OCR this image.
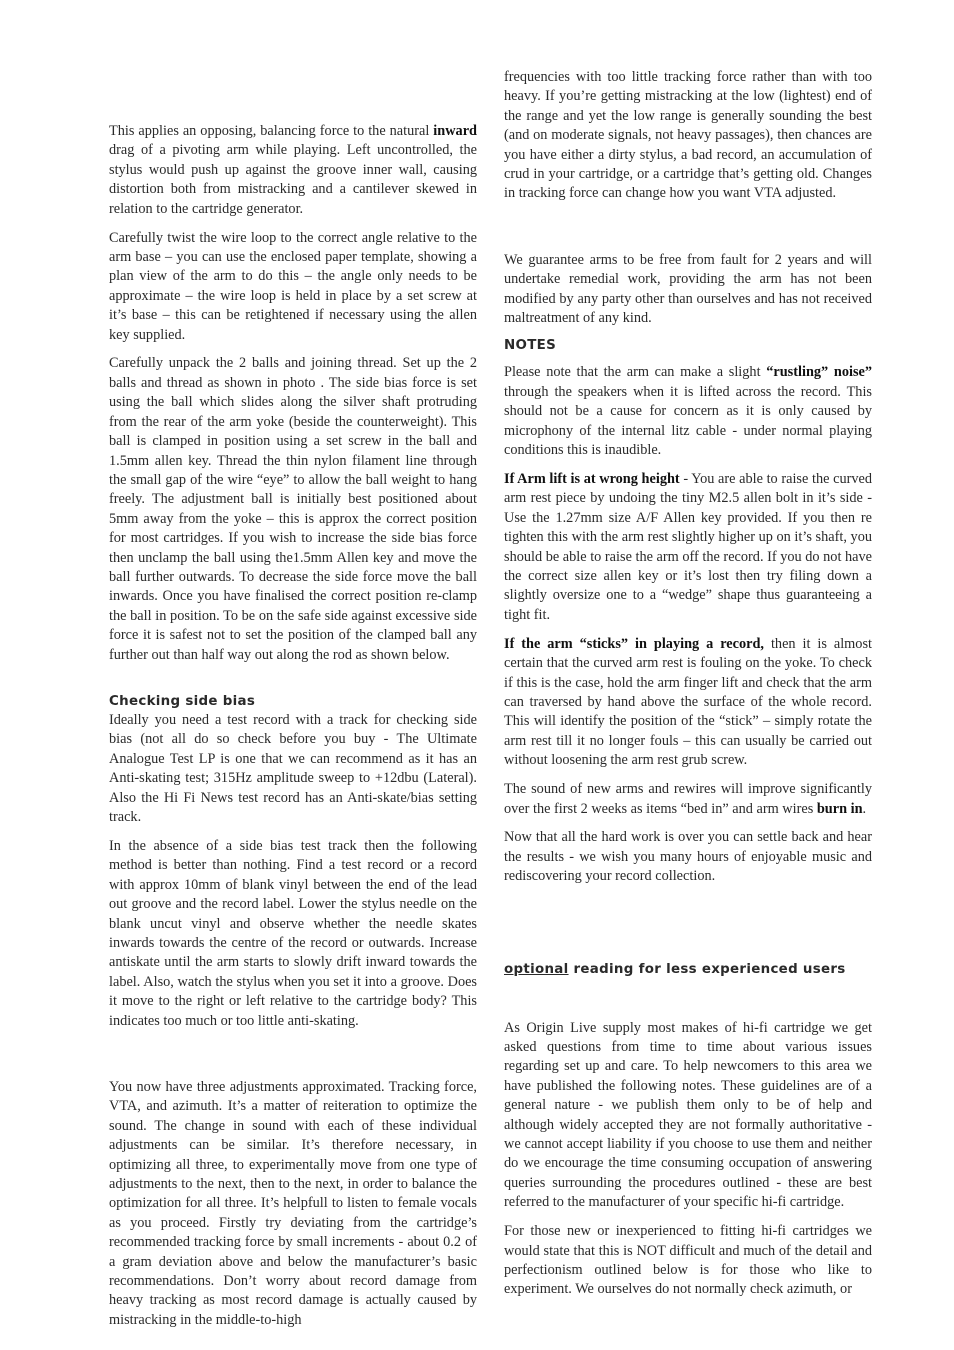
This applies an opposing, balancing force to the natural inward drag of a pivoting arm while playing. Left uncontrolled, the stylus would push up against the groove inner wall, causing distortion both from mistracking and a cantilever skewed in relation to the cartridge generator.

Carefully twist the wire loop to the correct angle relative to the arm base – you can use the enclosed paper template, showing a plan view of the arm to do this – the angle only needs to be approximate – the wire loop is held in place by a set screw at it’s base – this can be retightened if necessary using the allen key supplied.

Carefully unpack the 2 balls and joining thread. Set up the 2 balls and thread as shown in photo . The side bias force is set using the ball which slides along the silver shaft protruding from the rear of the arm yoke (beside the counterweight). This ball is clamped in position using a set screw in the ball and 1.5mm allen key. Thread the thin nylon filament line through the small gap of the wire “eye” to allow the ball weight to hang freely. The adjustment ball is initially best positioned about 5mm away from the yoke – this is approx the correct position for most cartridges. If you wish to increase the side bias force then unclamp the ball using the1.5mm Allen key and move the ball further outwards. To decrease the side force move the ball inwards. Once you have finalised the correct position re-clamp the ball in position. To be on the safe side against excessive side force it is safest not to set the position of the clamped ball any further out than half way out along the rod as shown below.

Checking side bias

Ideally you need a test record with a track for checking side bias (not all do so check before you buy - The Ultimate Analogue Test LP is one that we can recommend as it has an Anti-skating test; 315Hz amplitude sweep to +12dbu (Lateral). Also the Hi Fi News test record has an Anti-skate/bias setting track.

In the absence of a side bias test track then the following method is better than nothing. Find a test record or a record with approx 10mm of blank vinyl between the end of the lead out groove and the record label. Lower the stylus needle on the blank uncut vinyl and observe whether the needle skates inwards towards the centre of the record or outwards. Increase antiskate until the arm starts to slowly drift inward towards the label. Also, watch the stylus when you set it into a groove. Does it move to the right or left relative to the cartridge body? This indicates too much or too little anti-skating.

You now have three adjustments approximated. Tracking force, VTA, and azimuth. It’s a matter of reiteration to optimize the sound. The change in sound with each of these individual adjustments can be similar. It’s therefore necessary, in optimizing all three, to experimentally move from one type of adjustments to the next, then to the next, in order to balance the optimization for all three. It’s helpfull to listen to female vocals as you proceed. Firstly try deviating from the cartridge’s recommended tracking force by small increments - about 0.2 of a gram deviation above and below the manufacturer’s basic recommendations. Don’t worry about record damage from heavy tracking as most record damage is actually caused by mistracking in the middle-to-high

frequencies with too little tracking force rather than with too heavy. If you’re getting mistracking at the low (lightest) end of the range and yet the low range is generally sounding the best (and on moderate signals, not heavy passages), then chances are you have either a dirty stylus, a bad record, an accumulation of crud in your cartridge, or a cartridge that’s getting old. Changes in tracking force can change how you want VTA adjusted.

We guarantee arms to be free from fault for 2 years and will undertake remedial work, providing the arm has not been modified by any party other than ourselves and has not received maltreatment of any kind.

NOTES

Please note that the arm can make a slight “rustling” noise” through the speakers when it is lifted across the record. This should not be a cause for concern as it is only caused by microphony of the internal litz cable - under normal playing conditions this is inaudible.

If Arm lift is at wrong height - You are able to raise the curved arm rest piece by undoing the tiny M2.5 allen bolt in it’s side - Use the 1.27mm size A/F Allen key provided. If you then re tighten this with the arm rest slightly higher up on it’s shaft, you should be able to raise the arm off the record. If you do not have the correct size allen key or it’s lost then try filing down a slightly oversize one to a “wedge” shape thus guaranteeing a tight fit.

If the arm “sticks” in playing a record, then it is almost certain that the curved arm rest is fouling on the yoke. To check if this is the case, hold the arm finger lift and check that the arm can traversed by hand above the surface of the whole record. This will identify the position of the “stick” – simply rotate the arm rest till it no longer fouls – this can usually be carried out without loosening the arm rest grub screw.

The sound of new arms and rewires will improve significantly over the first 2 weeks as items “bed in” and arm wires burn in.

Now that all the hard work is over you can settle back and hear the results - we wish you many hours of enjoyable music and rediscovering your record collection.

optional reading for less experienced users

As Origin Live supply most makes of hi-fi cartridge we get asked questions from time to time about various issues regarding set up and care. To help newcomers to this area we have published the following notes. These guidelines are of a general nature - we publish them only to be of help and although widely accepted they are not formally authoritative - we cannot accept liability if you choose to use them and neither do we encourage the time consuming occupation of answering queries surrounding the procedures outlined - these are best referred to the manufacturer of your specific hi-fi cartridge.

For those new or inexperienced to fitting hi-fi cartridges we would state that this is NOT difficult and much of the detail and perfectionism outlined below is for those who like to experiment. We ourselves do not normally check azimuth, or
